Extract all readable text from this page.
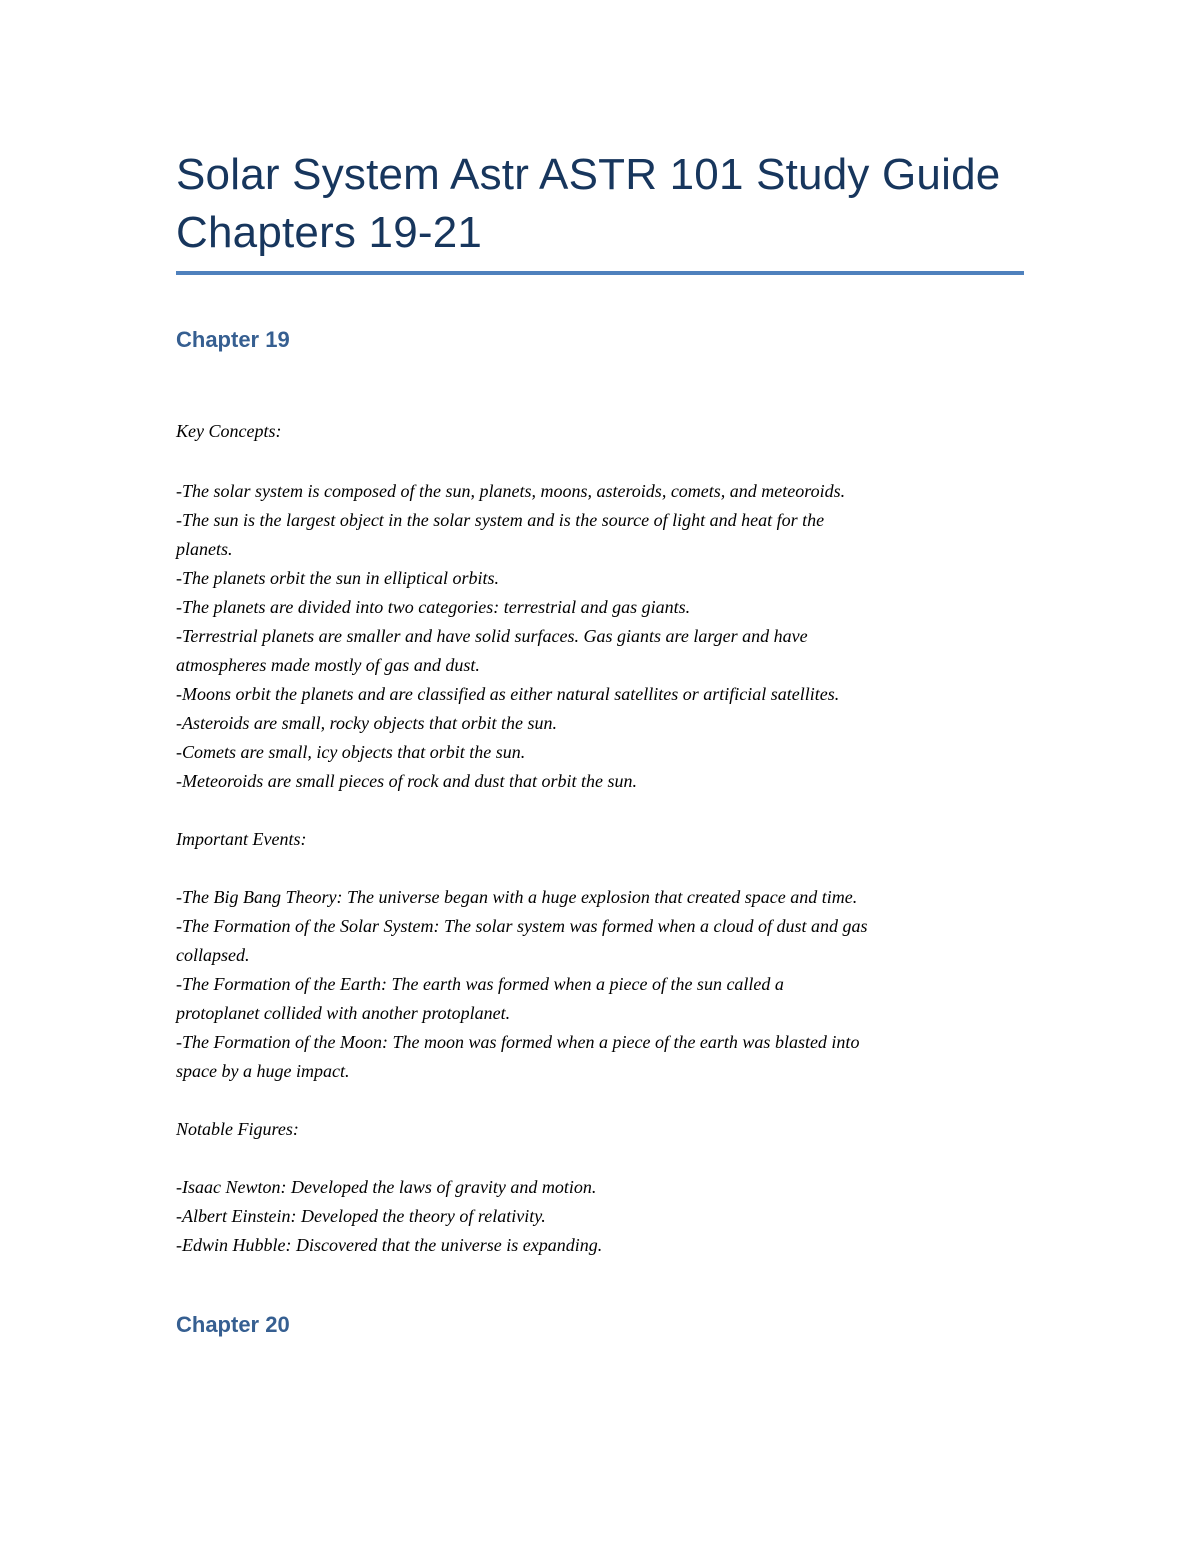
Solar System Astr ASTR 101 Study Guide
Chapters 19-21
Chapter 19
Key Concepts:
-The solar system is composed of the sun, planets, moons, asteroids, comets, and meteoroids.
-The sun is the largest object in the solar system and is the source of light and heat for the
planets.
-The planets orbit the sun in elliptical orbits.
-The planets are divided into two categories: terrestrial and gas giants.
-Terrestrial planets are smaller and have solid surfaces. Gas giants are larger and have
atmospheres made mostly of gas and dust.
-Moons orbit the planets and are classified as either natural satellites or artificial satellites.
-Asteroids are small, rocky objects that orbit the sun.
-Comets are small, icy objects that orbit the sun.
-Meteoroids are small pieces of rock and dust that orbit the sun.
Important Events:
-The Big Bang Theory: The universe began with a huge explosion that created space and time.
-The Formation of the Solar System: The solar system was formed when a cloud of dust and gas
collapsed.
-The Formation of the Earth: The earth was formed when a piece of the sun called a
protoplanet collided with another protoplanet.
-The Formation of the Moon: The moon was formed when a piece of the earth was blasted into
space by a huge impact.
Notable Figures:
-Isaac Newton: Developed the laws of gravity and motion.
-Albert Einstein: Developed the theory of relativity.
-Edwin Hubble: Discovered that the universe is expanding.
Chapter 20
